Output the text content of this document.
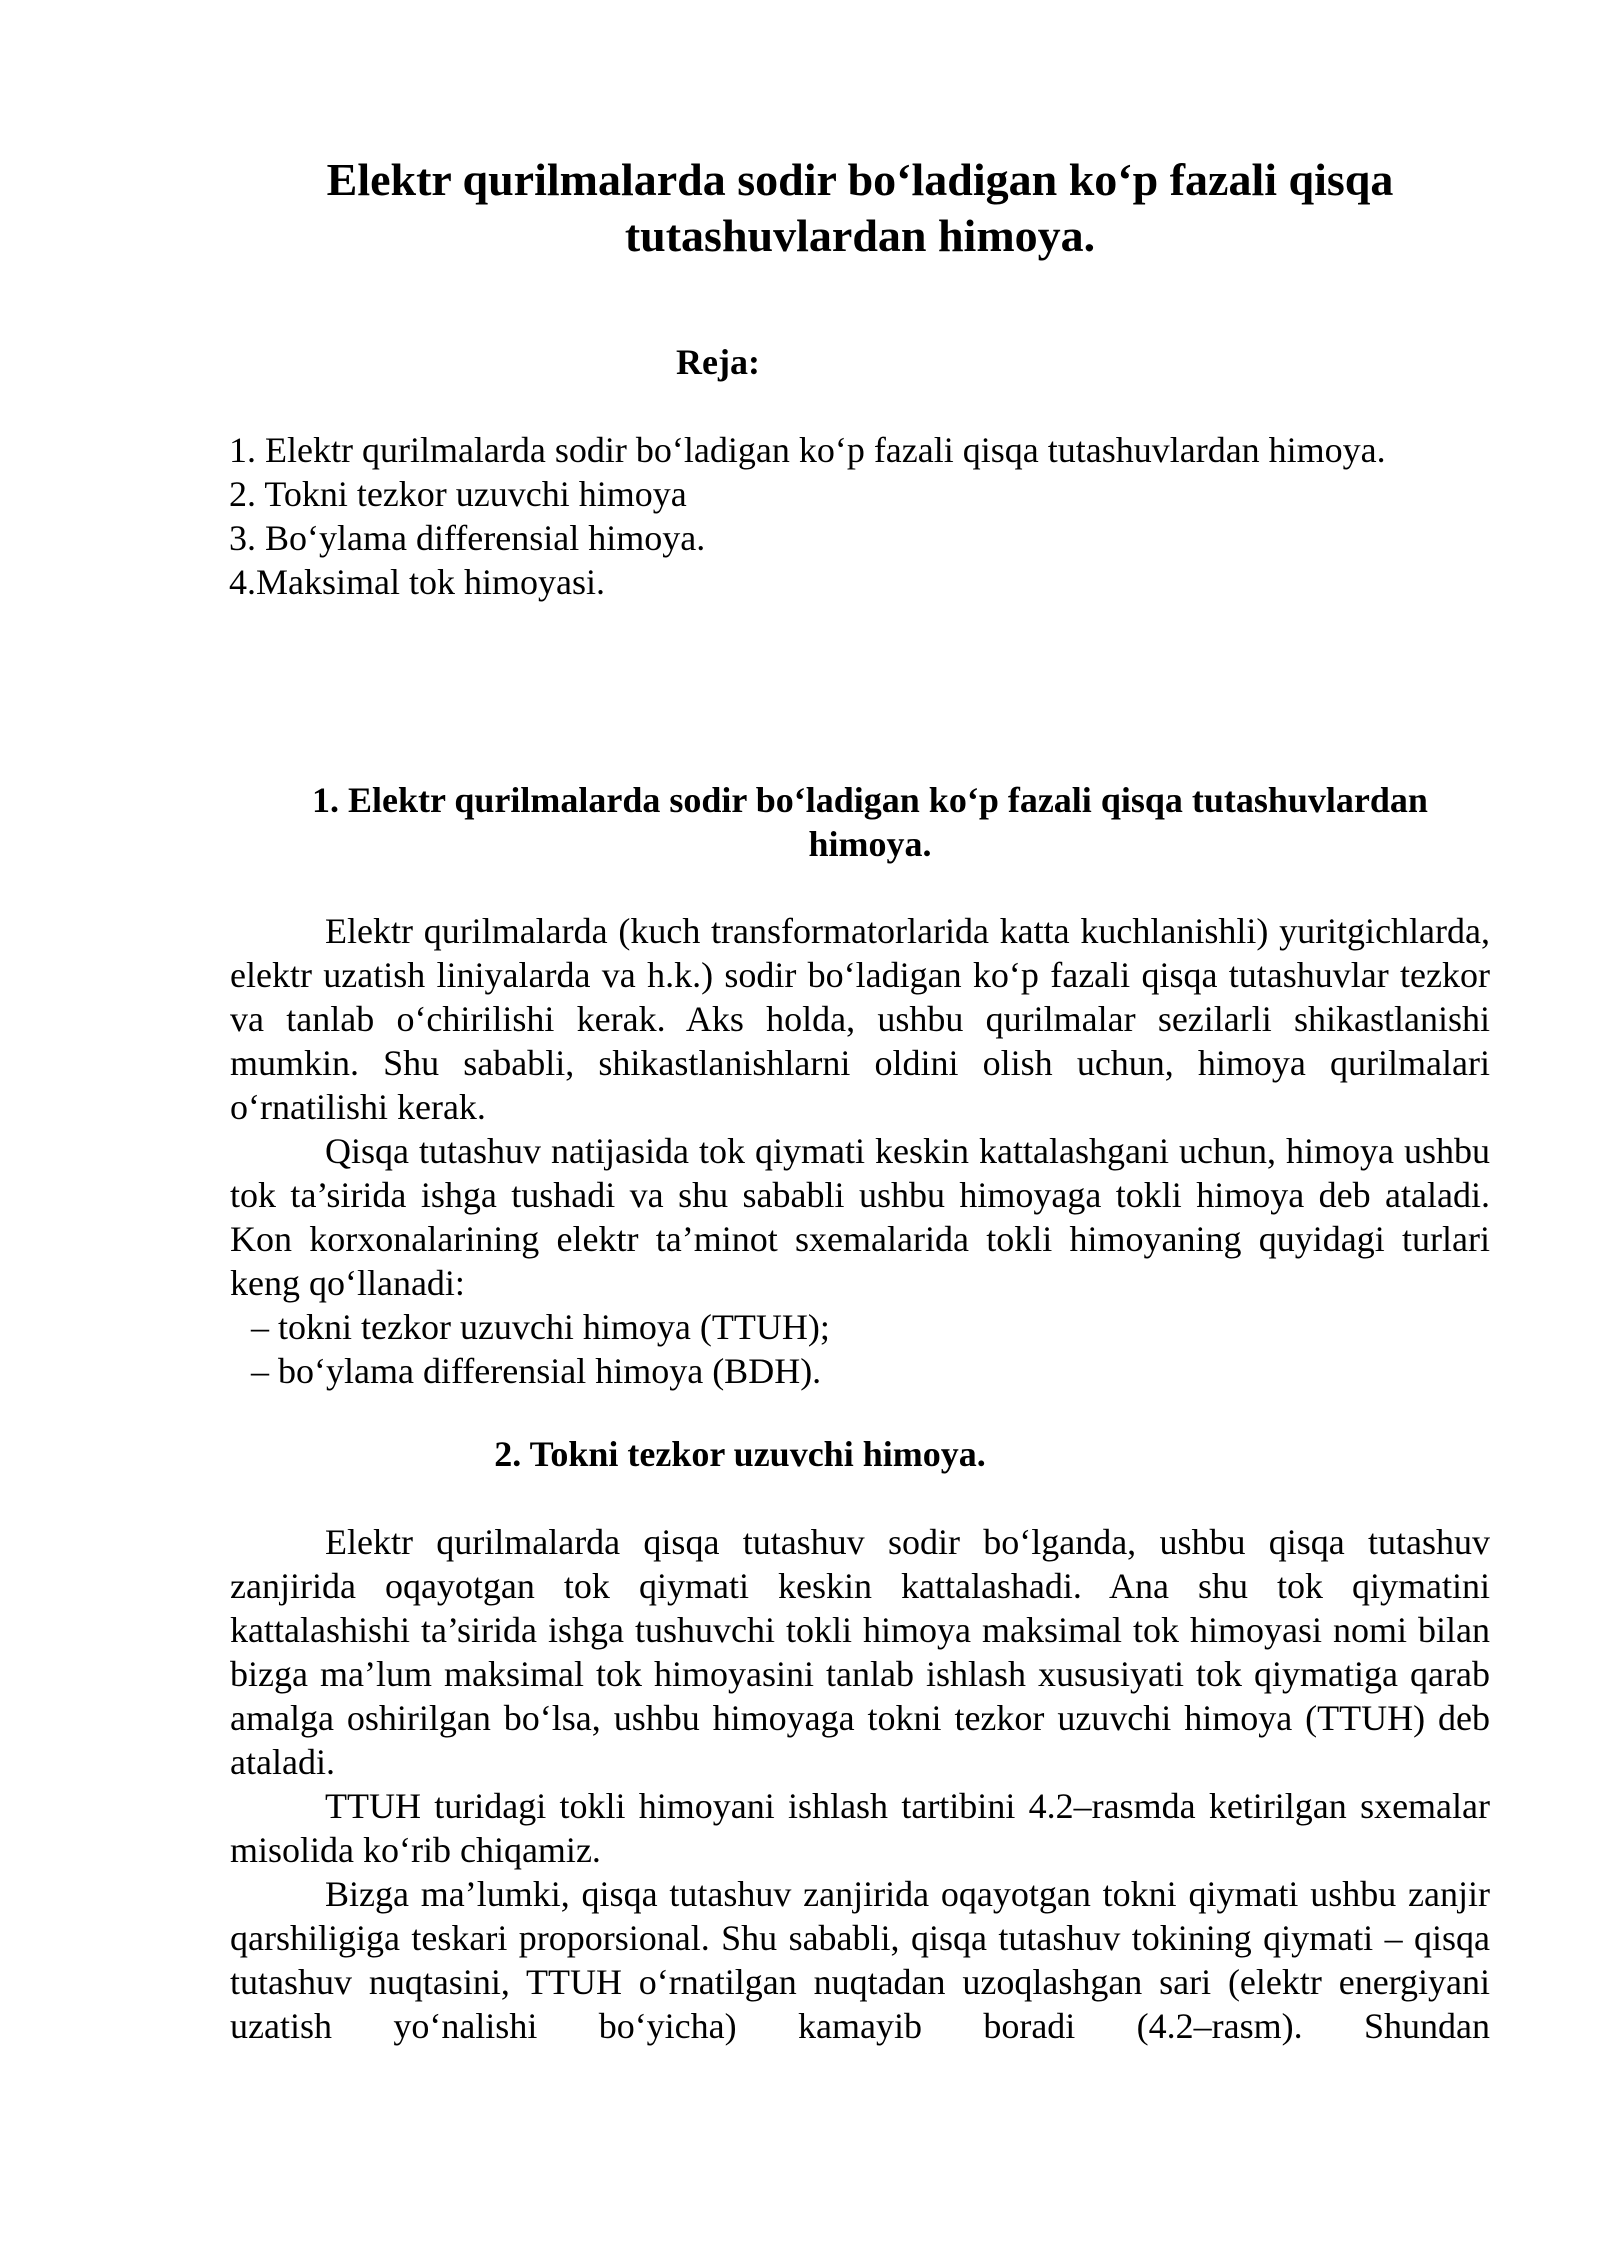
Elektr qurilmalarda sodir bo‘ladigan ko‘p fazali qisqa tutashuvlardan himoya.
Reja:
1. Elektr qurilmalarda sodir bo‘ladigan ko‘p fazali qisqa tutashuvlardan himoya.
2. Tokni tezkor uzuvchi himoya
3. Bo‘ylama differensial himoya.
4.Maksimal tok himoyasi.
1. Elektr qurilmalarda sodir bo‘ladigan ko‘p fazali qisqa tutashuvlardan himoya.

Elektr qurilmalarda (kuch transformatorlarida katta kuchlanishli) yuritgichlarda, elektr uzatish liniyalarda va h.k.) sodir bo‘ladigan ko‘p fazali qisqa tutashuvlar tezkor va tanlab o‘chirilishi kerak. Aks holda, ushbu qurilmalar sezilarli shikastlanishi mumkin. Shu sababli, shikastlanishlarni oldini olish uchun, himoya qurilmalari o‘rnatilishi kerak.

Qisqa tutashuv natijasida tok qiymati keskin kattalashgani uchun, himoya ushbu tok ta’sirida ishga tushadi va shu sababli ushbu himoyaga tokli himoya deb ataladi. Kon korxonalarining elektr ta’minot sxemalarida tokli himoyaning quyidagi turlari keng qo‘llanadi:

– tokni tezkor uzuvchi himoya (TTUH);

– bo‘ylama differensial himoya (BDH).

2. Tokni tezkor uzuvchi himoya.

Elektr qurilmalarda qisqa tutashuv sodir bo‘lganda, ushbu qisqa tutashuv zanjirida oqayotgan tok qiymati keskin kattalashadi. Ana shu tok qiymatini kattalashishi ta’sirida ishga tushuvchi tokli himoya maksimal tok himoyasi nomi bilan bizga ma’lum maksimal tok himoyasini tanlab ishlash xususiyati tok qiymatiga qarab amalga oshirilgan bo‘lsa, ushbu himoyaga tokni tezkor uzuvchi himoya (TTUH) deb ataladi.

TTUH turidagi tokli himoyani ishlash tartibini 4.2–rasmda ketirilgan sxemalar misolida ko‘rib chiqamiz.

Bizga ma’lumki, qisqa tutashuv zanjirida oqayotgan tokni qiymati ushbu zanjir qarshiligiga teskari proporsional. Shu sababli, qisqa tutashuv tokining qiymati – qisqa tutashuv nuqtasini, TTUH o‘rnatilgan nuqtadan uzoqlashgan sari (elektr energiyani uzatish yo‘nalishi bo‘yicha) kamayib boradi (4.2–rasm). Shundan
